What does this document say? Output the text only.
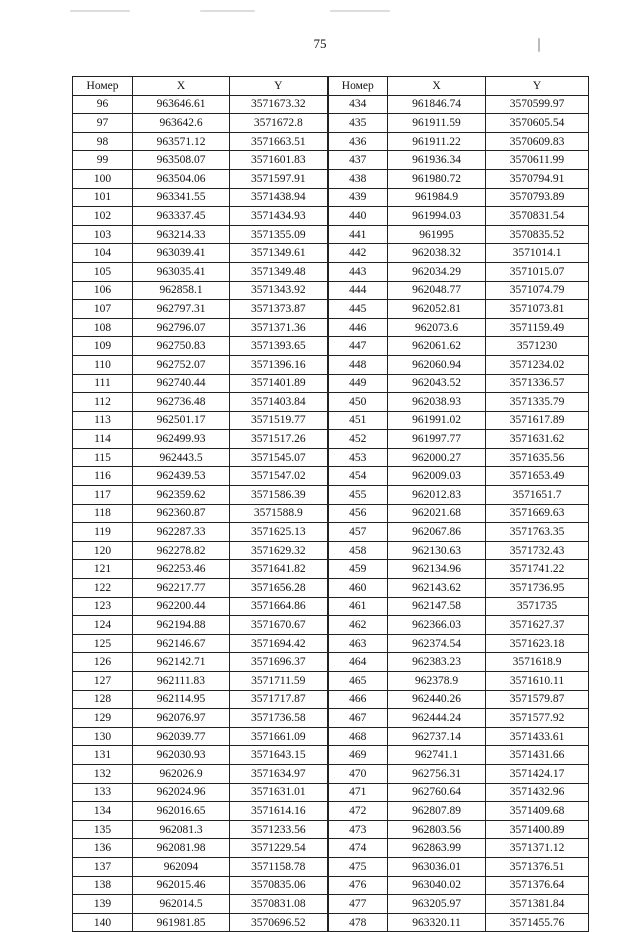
75
Номер	X	Y	Номер	X	Y
96	963646.61	3571673.32	434	961846.74	3570599.97
97	963642.6	3571672.8	435	961911.59	3570605.54
98	963571.12	3571663.51	436	961911.22	3570609.83
99	963508.07	3571601.83	437	961936.34	3570611.99
100	963504.06	3571597.91	438	961980.72	3570794.91
101	963341.55	3571438.94	439	961984.9	3570793.89
102	963337.45	3571434.93	440	961994.03	3570831.54
103	963214.33	3571355.09	441	961995	3570835.52
104	963039.41	3571349.61	442	962038.32	3571014.1
105	963035.41	3571349.48	443	962034.29	3571015.07
106	962858.1	3571343.92	444	962048.77	3571074.79
107	962797.31	3571373.87	445	962052.81	3571073.81
108	962796.07	3571371.36	446	962073.6	3571159.49
109	962750.83	3571393.65	447	962061.62	3571230
110	962752.07	3571396.16	448	962060.94	3571234.02
111	962740.44	3571401.89	449	962043.52	3571336.57
112	962736.48	3571403.84	450	962038.93	3571335.79
113	962501.17	3571519.77	451	961991.02	3571617.89
114	962499.93	3571517.26	452	961997.77	3571631.62
115	962443.5	3571545.07	453	962000.27	3571635.56
116	962439.53	3571547.02	454	962009.03	3571653.49
117	962359.62	3571586.39	455	962012.83	3571651.7
118	962360.87	3571588.9	456	962021.68	3571669.63
119	962287.33	3571625.13	457	962067.86	3571763.35
120	962278.82	3571629.32	458	962130.63	3571732.43
121	962253.46	3571641.82	459	962134.96	3571741.22
122	962217.77	3571656.28	460	962143.62	3571736.95
123	962200.44	3571664.86	461	962147.58	3571735
124	962194.88	3571670.67	462	962366.03	3571627.37
125	962146.67	3571694.42	463	962374.54	3571623.18
126	962142.71	3571696.37	464	962383.23	3571618.9
127	962111.83	3571711.59	465	962378.9	3571610.11
128	962114.95	3571717.87	466	962440.26	3571579.87
129	962076.97	3571736.58	467	962444.24	3571577.92
130	962039.77	3571661.09	468	962737.14	3571433.61
131	962030.93	3571643.15	469	962741.1	3571431.66
132	962026.9	3571634.97	470	962756.31	3571424.17
133	962024.96	3571631.01	471	962760.64	3571432.96
134	962016.65	3571614.16	472	962807.89	3571409.68
135	962081.3	3571233.56	473	962803.56	3571400.89
136	962081.98	3571229.54	474	962863.99	3571371.12
137	962094	3571158.78	475	963036.01	3571376.51
138	962015.46	3570835.06	476	963040.02	3571376.64
139	962014.5	3570831.08	477	963205.97	3571381.84
140	961981.85	3570696.52	478	963320.11	3571455.76
